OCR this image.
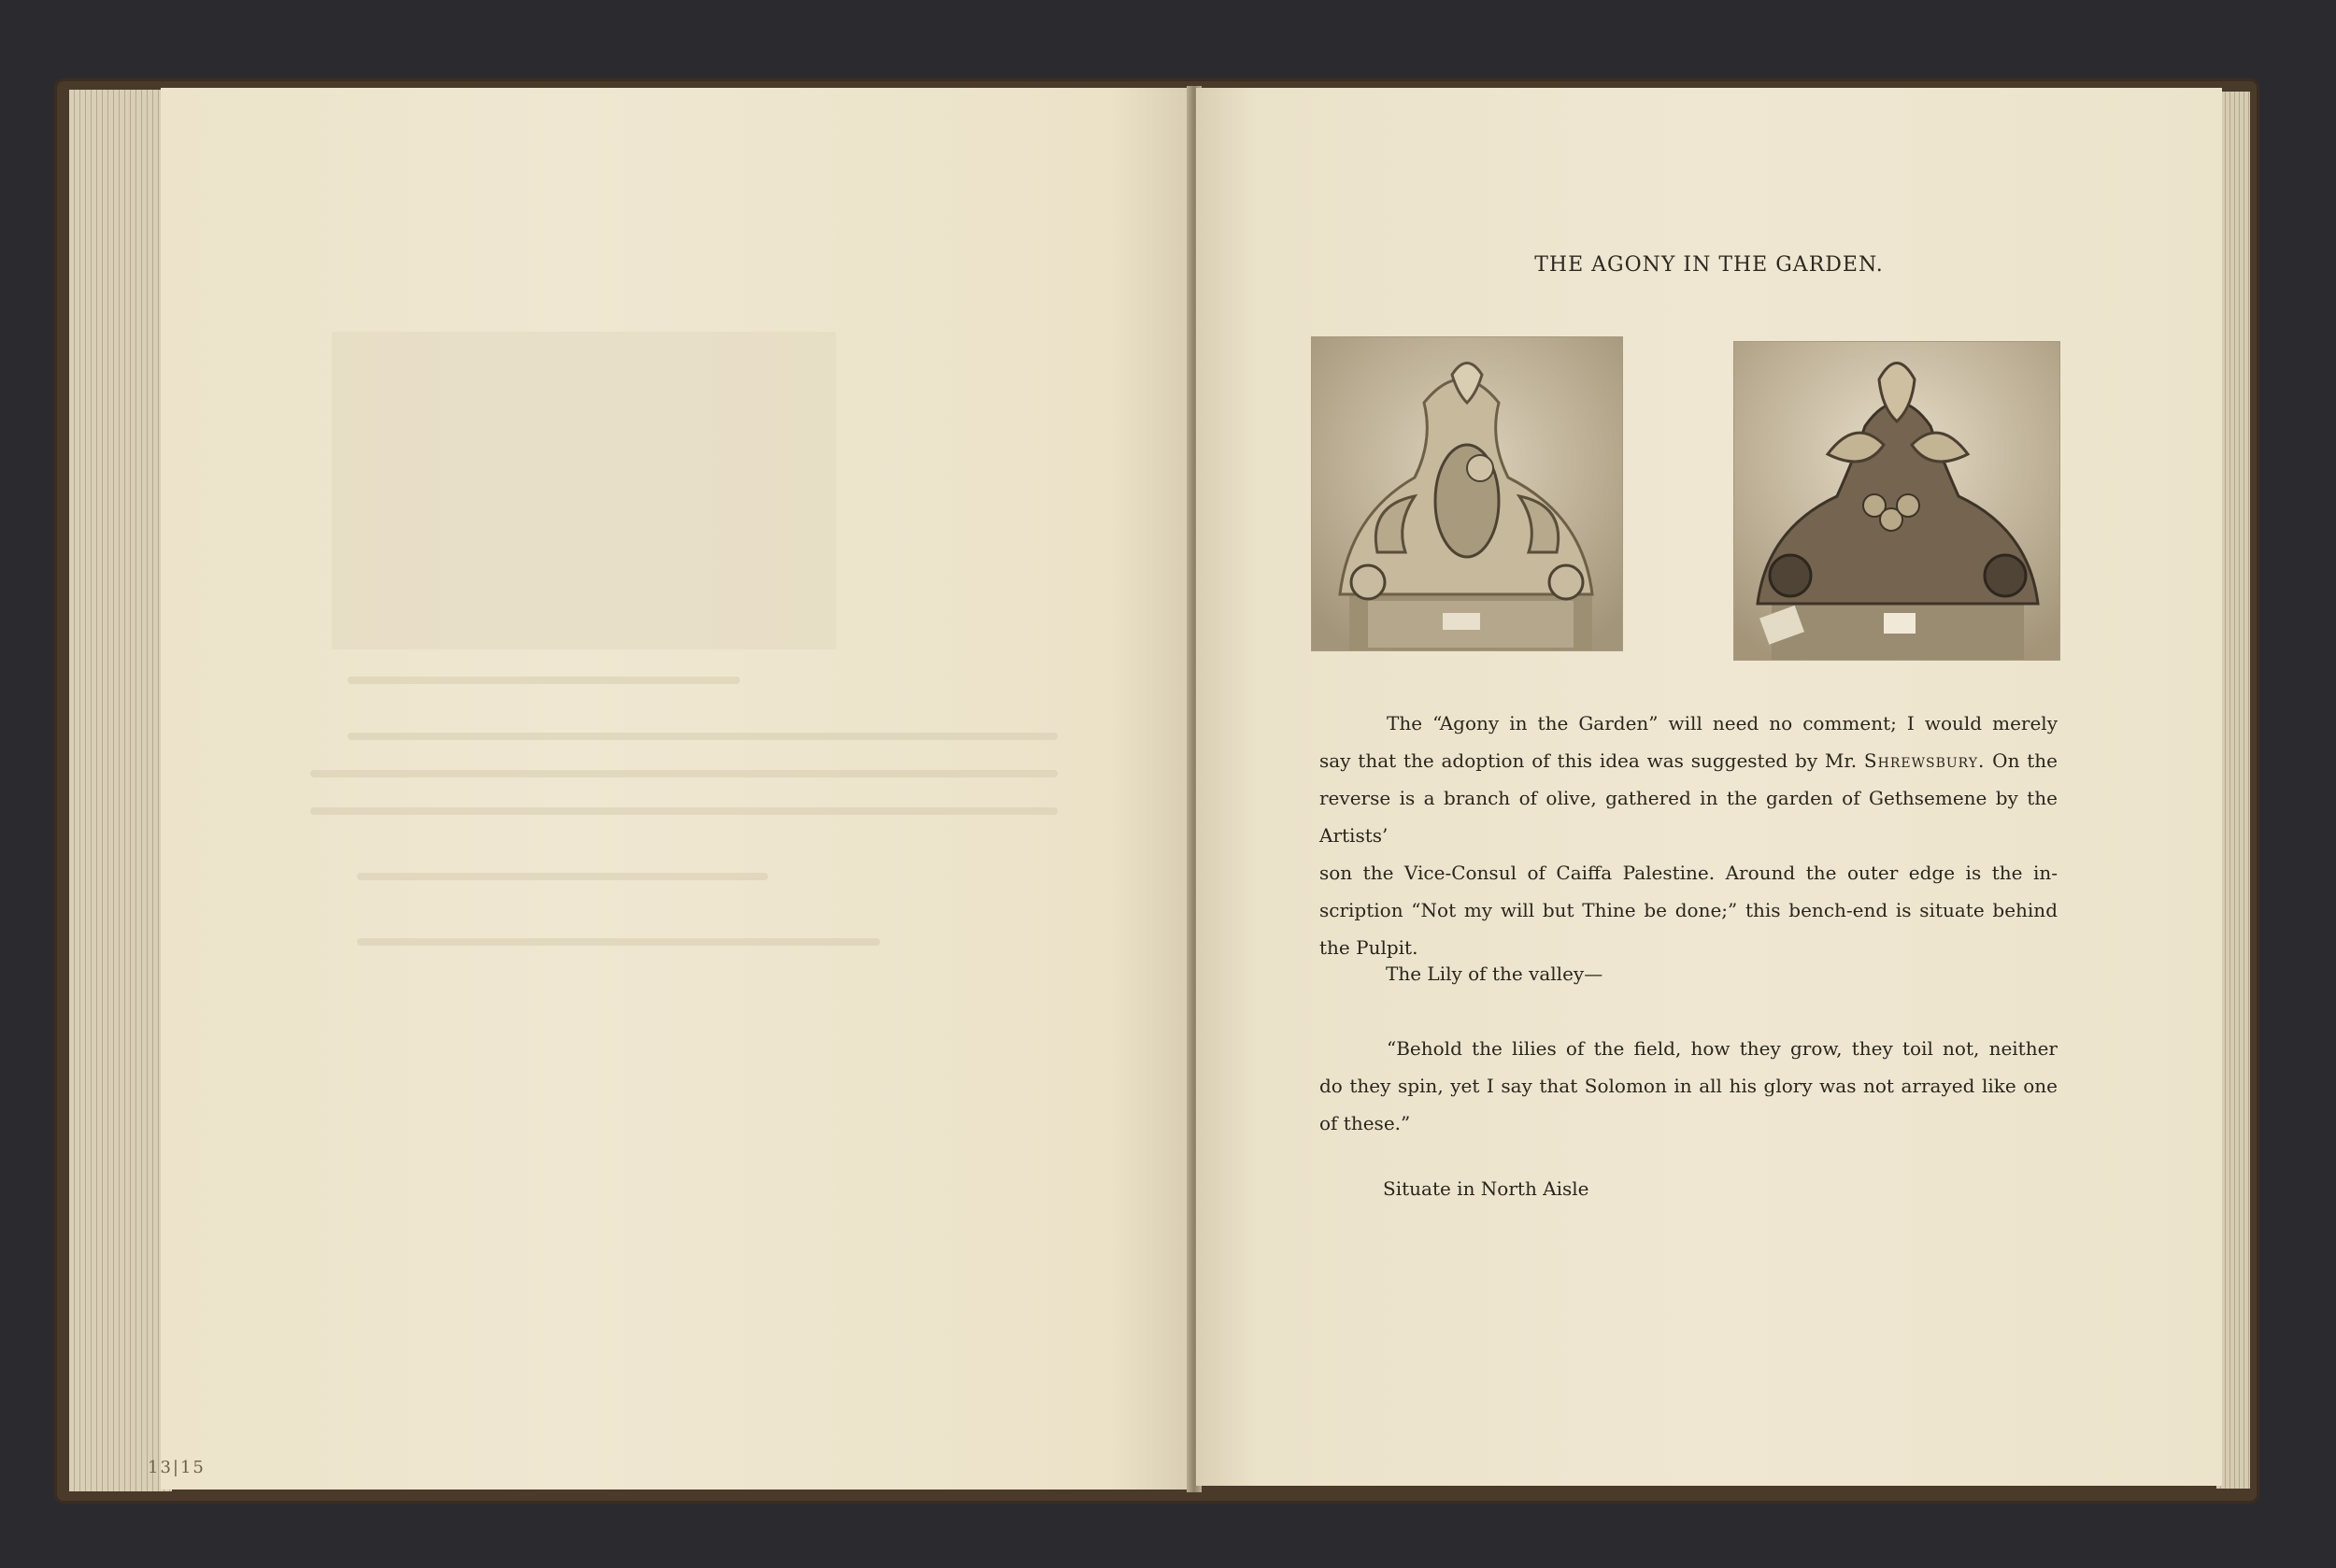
13|15
THE AGONY IN THE GARDEN.
The “Agony in the Garden” will need no comment; I would merely
say that the adoption of this idea was suggested by Mr. Shrewsbury. On the
reverse is a branch of olive, gathered in the garden of Gethsemene by the Artists’
son the Vice-Consul of Caiffa Palestine. Around the outer edge is the in-
scription “Not my will but Thine be done;” this bench-end is situate behind
the Pulpit.
The Lily of the valley—
“Behold the lilies of the field, how they grow, they toil not, neither
do they spin, yet I say that Solomon in all his glory was not arrayed like one
of these.”
Situate in North Aisle
